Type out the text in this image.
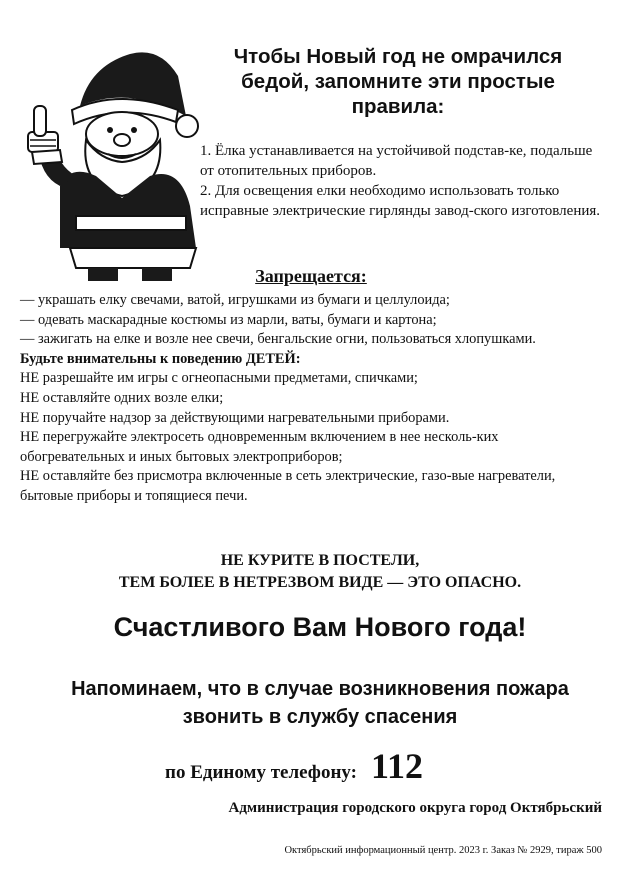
Чтобы Новый год не омрачился
бедой, запомните эти простые
правила:

1. Ёлка устанавливается на устойчивой подстав-ке, подальше от отопительных приборов.

2. Для освещения елки необходимо использовать только исправные электрические гирлянды завод-ского изготовления.

Запрещается:

— украшать елку свечами, ватой, игрушками из бумаги и целлулоида;

— одевать маскарадные костюмы из марли, ваты, бумаги и картона;

— зажигать на елке и возле нее свечи, бенгальские огни, пользоваться хлопушками.

Будьте внимательны к поведению ДЕТЕЙ:

НЕ разрешайте им игры с огнеопасными предметами, спичками;

НЕ оставляйте одних возле елки;

НЕ поручайте надзор за действующими нагревательными приборами.

НЕ перегружайте электросеть одновременным включением в нее несколь-ких обогревательных и иных бытовых электроприборов;

НЕ оставляйте без присмотра включенные в сеть электрические, газо-вые нагреватели, бытовые приборы и топящиеся печи.

НЕ КУРИТЕ В ПОСТЕЛИ,
ТЕМ БОЛЕЕ В НЕТРЕЗВОМ ВИДЕ — ЭТО ОПАСНО.
Счастливого Вам Нового года!
Напоминаем, что в случае возникновения пожара
звонить в службу спасения
по Единому телефону: 112
Администрация городского округа город Октябрьский
Октябрьский информационный центр. 2023 г. Заказ № 2929, тираж 500
